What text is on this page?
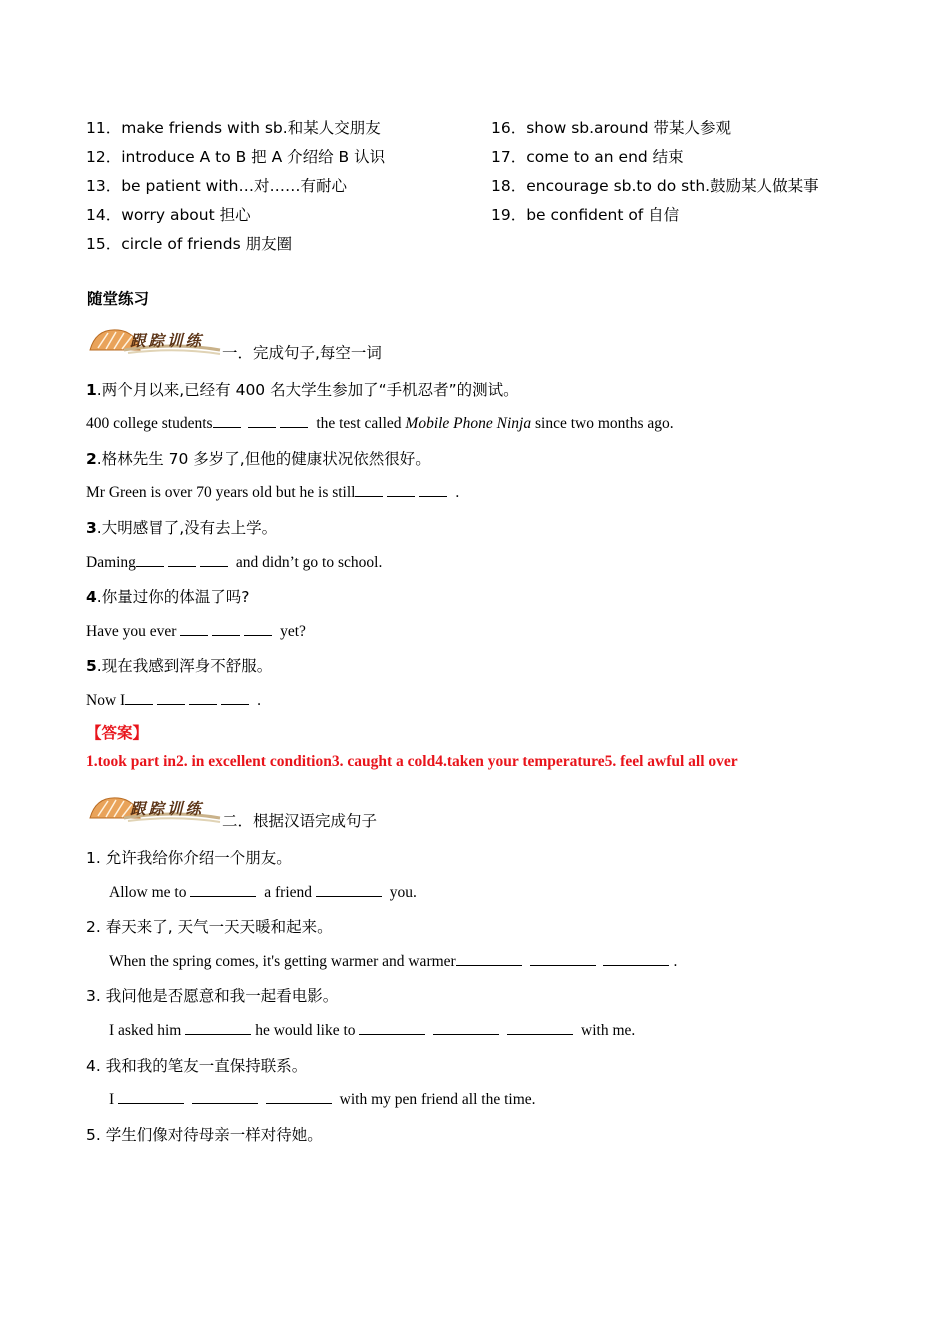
11．make friends with sb.和某人交朋友
12．introduce A to B 把 A 介绍给 B 认识
13．be patient with…对……有耐心
14．worry about 担心
15．circle of friends 朋友圈
16．show sb.around 带某人参观
17．come to an end 结束
18．encourage sb.to do sth.鼓励某人做某事
19．be confident of 自信
随堂练习
跟踪训练
一．完成句子,每空一词
1.两个月以来,已经有 400 名大学生参加了“手机忍者”的测试。
400 college students	the test called Mobile Phone Ninja since two months ago.
2.格林先生 70 多岁了,但他的健康状况依然很好。
Mr Green is over 70 years old but he is still	.
3.大明感冒了,没有去上学。
Daming	and didn’t go to school.
4.你量过你的体温了吗?
Have you ever	yet?
5.现在我感到浑身不舒服。
Now I	.
【答案】
1.took part in2. in excellent condition3. caught a cold4.taken your temperature5. feel awful all over
跟踪训练
二．根据汉语完成句子
1. 允许我给你介绍一个朋友。
Allow me to	a friend	you.
2. 春天来了, 天气一天天暖和起来。
When the spring comes, it's getting warmer and warmer	.
3. 我问他是否愿意和我一起看电影。
I asked him	he would like to	with me.
4. 我和我的笔友一直保持联系。
I	with my pen friend all the time.
5. 学生们像对待母亲一样对待她。
